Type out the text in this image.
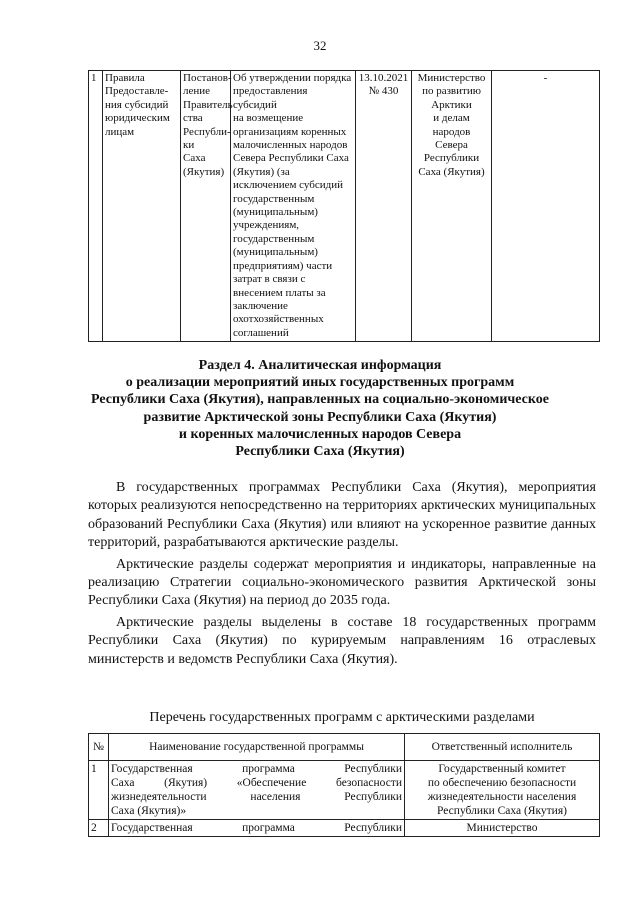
32
1	Правила
Предоставле-
ния субсидий
юридическим
лицам

Постанов-
ление
Правитель
ства
Республи-
ки
Саха
(Якутия)

Об утверждении порядка
предоставления субсидий
на возмещение
организациям коренных
малочисленных народов
Севера Республики Саха
(Якутия) (за
исключением субсидий
государственным
(муниципальным)
учреждениям,
государственным
(муниципальным)
предприятиям) части
затрат в связи с
внесением платы за
заключение
охотхозяйственных
соглашений

13.10.2021
№ 430

Министерство
по развитию
Арктики
и делам народов
Севера
Республики
Саха (Якутия)
	-
Раздел 4. Аналитическая информация
о реализации мероприятий иных государственных программ
Республики Саха (Якутия), направленных на социально-экономическое
развитие Арктической зоны Республики Саха (Якутия)
и коренных малочисленных народов Севера
Республики Саха (Якутия)

В государственных программах Республики Саха (Якутия), мероприятия которых реализуются непосредственно на территориях арктических муниципальных образований Республики Саха (Якутия) или влияют на ускоренное развитие данных территорий, разрабатываются арктические разделы.

Арктические разделы содержат мероприятия и индикаторы, направленные на реализацию Стратегии социально-экономического развития Арктической зоны Республики Саха (Якутия) на период до 2035 года.

Арктические разделы выделены в составе 18 государственных программ Республики Саха (Якутия) по курируемым направлениям 16 отраслевых министерств и ведомств Республики Саха (Якутия).

Перечень государственных программ с арктическими разделами
№	Наименование государственной программы	Ответственный исполнитель
1	Государственная программа Республики
Саха (Якутия) «Обеспечение безопасности
жизнедеятельности населения Республики
Саха (Якутия)»	Государственный комитет
по обеспечению безопасности
жизнедеятельности населения
Республики Саха (Якутия)

2	Государственная программа Республики	Министерство
